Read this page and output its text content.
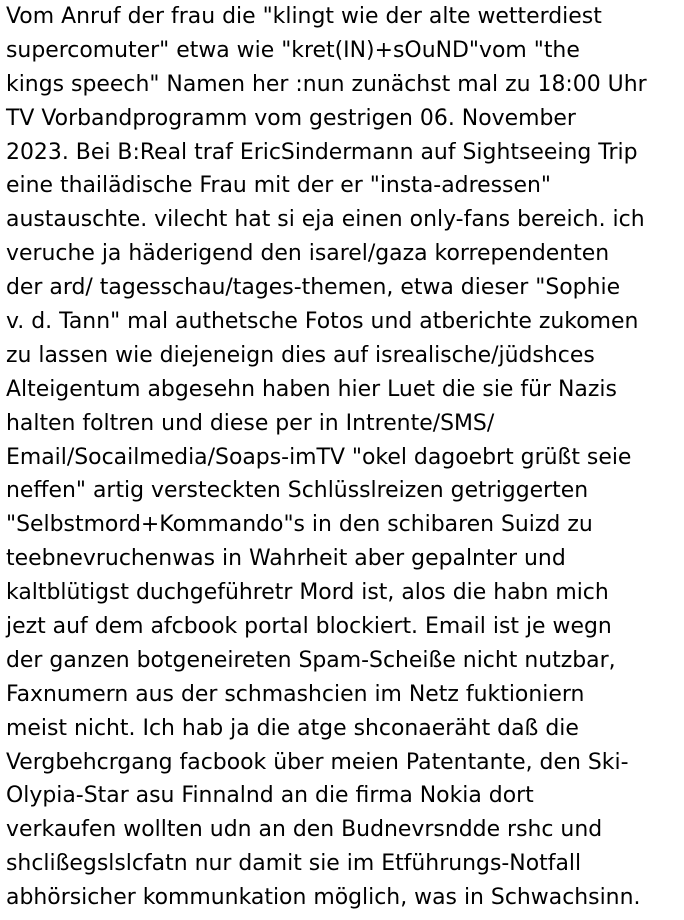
Vom Anruf der frau die "klingt wie der alte wetterdiest
supercomuter" etwa wie "kret(IN)+sOuND"vom "the
kings speech" Namen her :nun zunächst mal zu 18:00 Uhr
TV Vorbandprogramm vom gestrigen 06. November
2023. Bei B:Real traf EricSindermann auf Sightseeing Trip
eine thailädische Frau mit der er "insta-adressen"
austauschte. vilecht hat si eja einen only-fans bereich. ich
veruche ja häderigend den isarel/gaza korrependenten
der ard/ tagesschau/tages-themen, etwa dieser "Sophie
v. d. Tann" mal authetsche Fotos und atberichte zukomen
zu lassen wie diejeneign dies auf isrealische/jüdshces
Alteigentum abgesehn haben hier Luet die sie für Nazis
halten foltren und diese per in Intrente/SMS/
Email/Socailmedia/Soaps-imTV "okel dagoebrt grüßt seie
neffen" artig versteckten Schlüsslreizen getriggerten
"Selbstmord+Kommando"s in den schibaren Suizd zu
teebnevruchenwas in Wahrheit aber gepalnter und
kaltblütigst duchgeführetr Mord ist, alos die habn mich
jezt auf dem afcbook portal blockiert. Email ist je wegn
der ganzen botgeneireten Spam-Scheiße nicht nutzbar,
Faxnumern aus der schmashcien im Netz fuktioniern
meist nicht. Ich hab ja die atge shconaeräht daß die
Vergbehcrgang facbook über meien Patentante, den Ski-
Olypia-Star asu Finnalnd an die firma Nokia dort
verkaufen wollten udn an den Budnevrsndde rshc und
shclißegslslcfatn nur damit sie im Etführungs-Notfall
abhörsicher kommunkation möglich, was in Schwachsinn.
